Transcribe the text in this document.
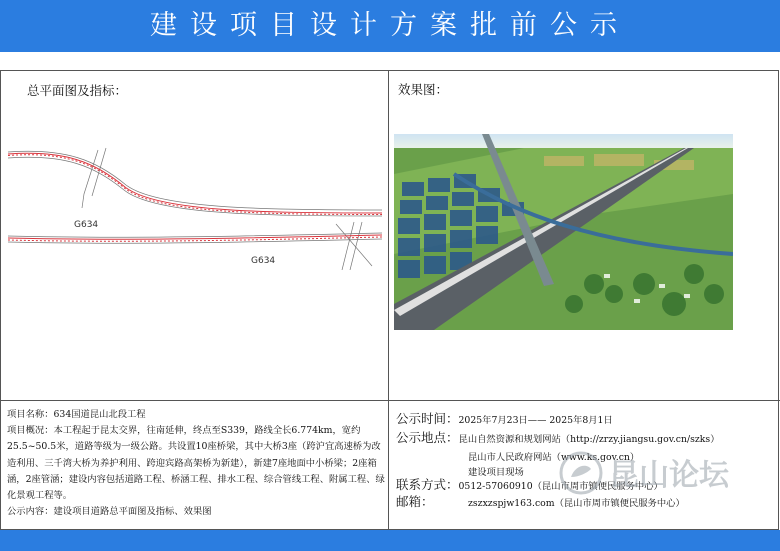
建设项目设计方案批前公示
总平面图及指标：	效果图：
G634
G634

项目名称：634国道昆山北段工程

项目概况：本工程起于昆太交界，往南延伸，终点至S339，路线全长6.774km，宽约25.5~50.5米，道路等级为一级公路。共设置10座桥梁，其中大桥3座（跨沪宜高速桥为改造利用、三千湾大桥为养护利用、跨迎宾路高架桥为新建），新建7座地面中小桥梁；2座箱涵，2座管涵；建设内容包括道路工程、桥涵工程、排水工程、综合管线工程、附属工程、绿化景观工程等。

公示内容：建设项目道路总平面图及指标、效果图

公示时间：2025年7月23日—— 2025年8月1日
公示地点：昆山自然资源和规划网站（http://zrzy.jiangsu.gov.cn/szks）
昆山市人民政府网站（www.ks.gov.cn）
建设项目现场
联系方式：0512-57060910（昆山市周市镇便民服务中心）
邮箱：	zszxzspjw163.com（昆山市周市镇便民服务中心）
昆山论坛
